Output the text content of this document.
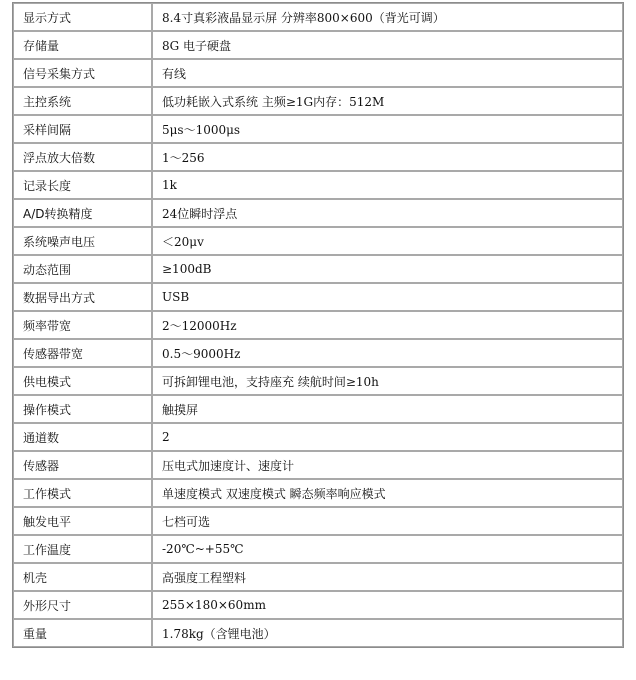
显示方式	8.4寸真彩液晶显示屏 分辨率800×600（背光可调）
存储量	8G 电子硬盘
信号采集方式	有线
主控系统	低功耗嵌入式系统 主频≥1G内存：512M
采样间隔	5μs～1000μs
浮点放大倍数	1～256
记录长度	1k
A/D转换精度	24位瞬时浮点
系统噪声电压	＜20μv
动态范围	≥100dB
数据导出方式	USB
频率带宽	2～12000Hz
传感器带宽	0.5～9000Hz
供电模式	可拆卸锂电池，支持座充 续航时间≥10h
操作模式	触摸屏
通道数	2
传感器	压电式加速度计、速度计
工作模式	单速度模式 双速度模式 瞬态频率响应模式
触发电平	七档可选
工作温度	-20℃~+55℃
机壳	高强度工程塑料
外形尺寸	255×180×60mm
重量	1.78kg（含锂电池）
